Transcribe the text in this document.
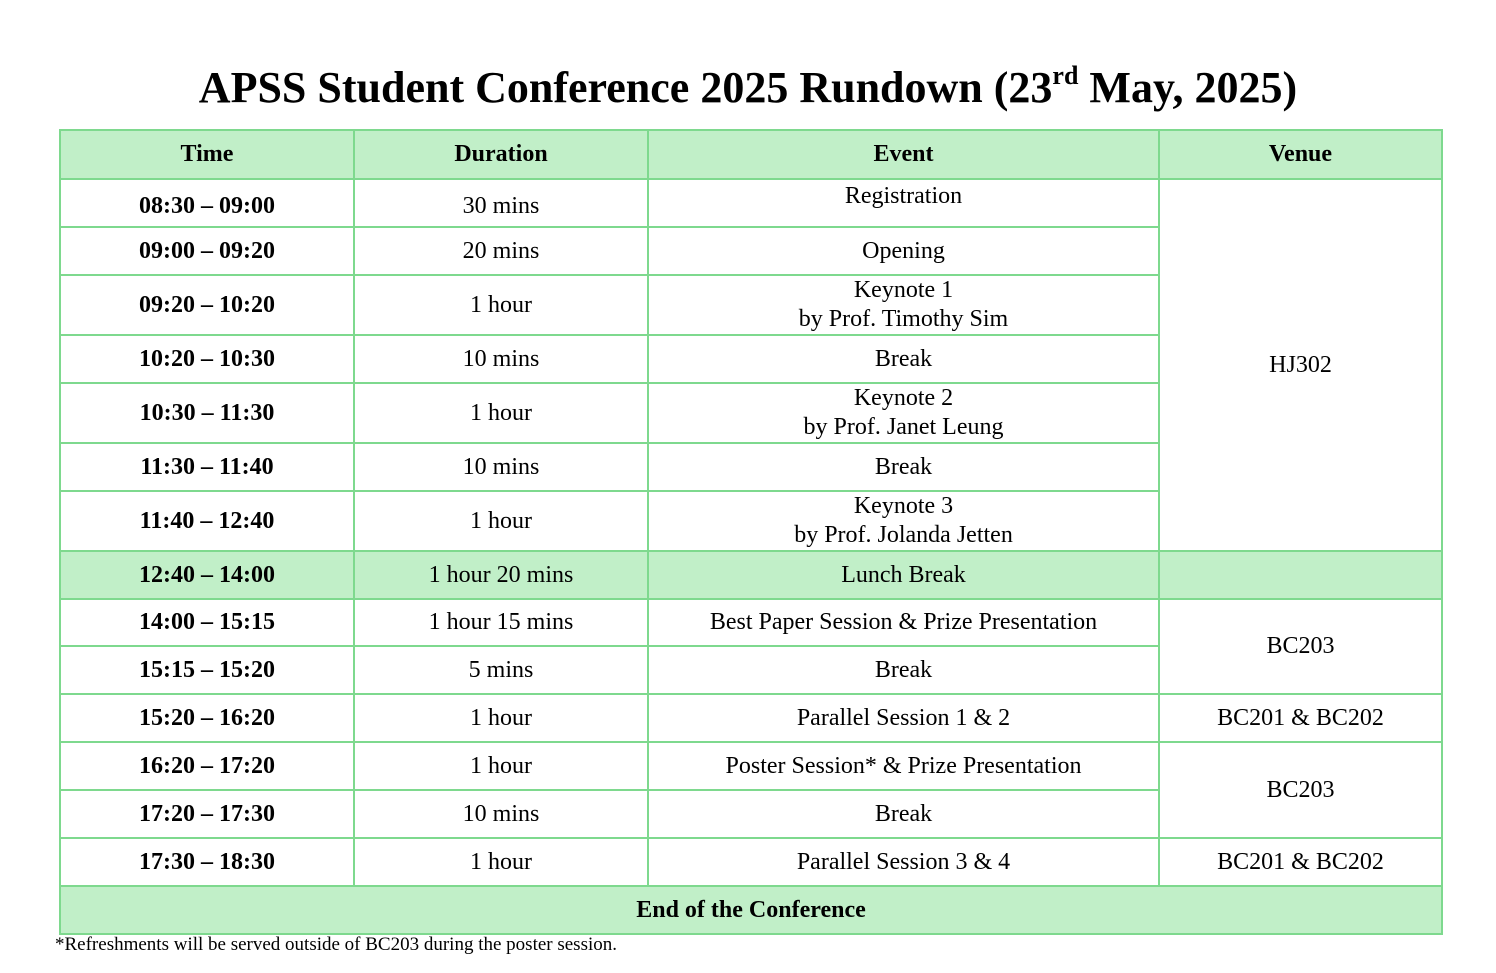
APSS Student Conference 2025 Rundown (23rd May, 2025)
Time	Duration	Event	Venue
08:30 – 09:00	30 mins	Registration	HJ302
09:00 – 09:20	20 mins	Opening	
09:20 – 10:20	1 hour	Keynote 1
by Prof. Timothy Sim	

10:20 – 10:30	10 mins	Break	
10:30 – 11:30	1 hour	Keynote 2
by Prof. Janet Leung	

11:30 – 11:40	10 mins	Break	
11:40 – 12:40	1 hour	Keynote 3
by Prof. Jolanda Jetten	

12:40 – 14:00	1 hour 20 mins	Lunch Break	
14:00 – 15:15	1 hour 15 mins	Best Paper Session & Prize Presentation	BC203
15:15 – 15:20	5 mins	Break	
15:20 – 16:20	1 hour	Parallel Session 1 & 2	BC201 & BC202
16:20 – 17:20	1 hour	Poster Session* & Prize Presentation	BC203
17:20 – 17:30	10 mins	Break	
17:30 – 18:30	1 hour	Parallel Session 3 & 4	BC201 & BC202
End of the Conference			
*Refreshments will be served outside of BC203 during the poster session.
